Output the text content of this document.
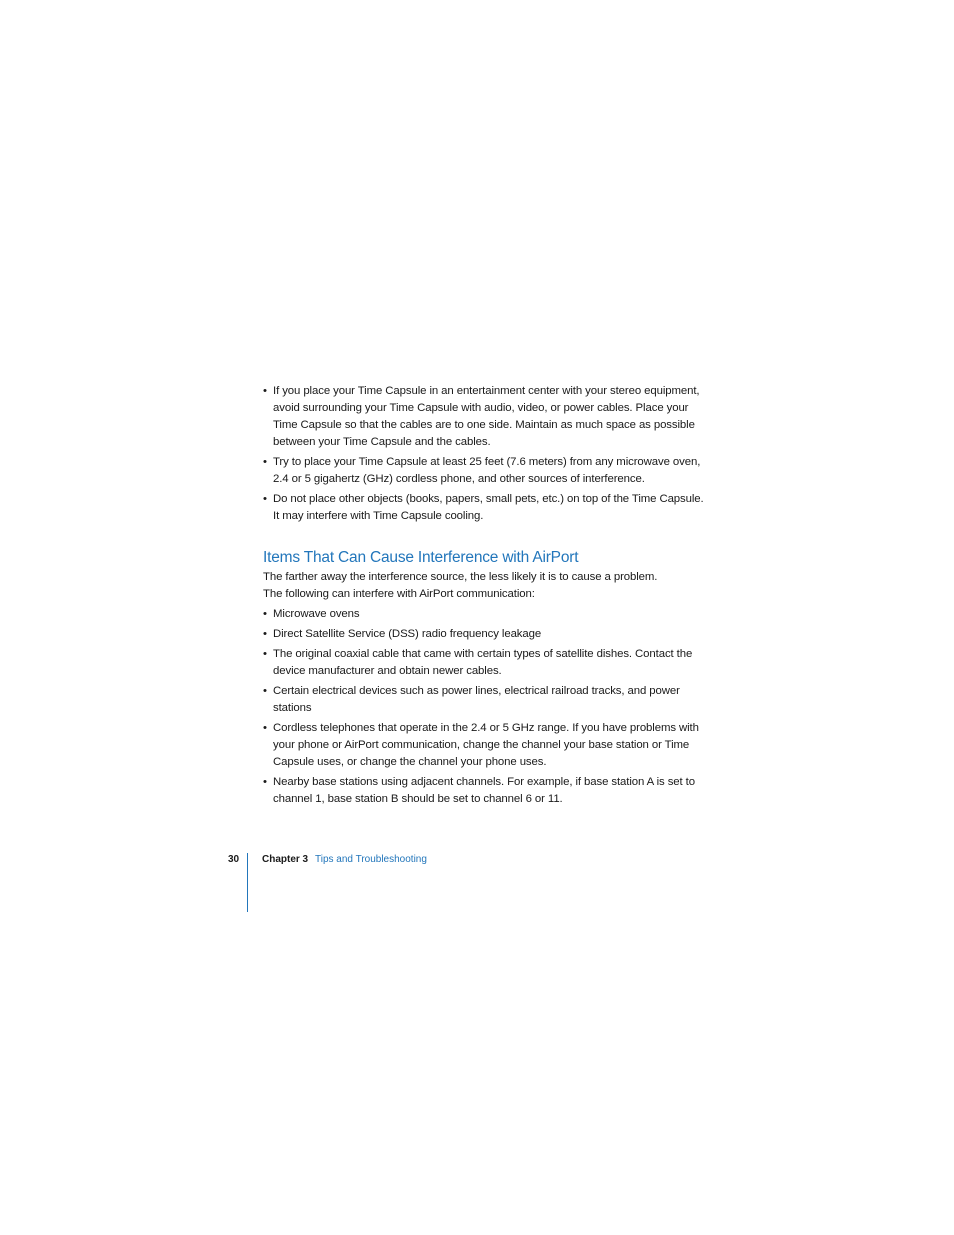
• If you place your Time Capsule in an entertainment center with your stereo equipment, avoid surrounding your Time Capsule with audio, video, or power cables. Place your Time Capsule so that the cables are to one side. Maintain as much space as possible between your Time Capsule and the cables.
• Try to place your Time Capsule at least 25 feet (7.6 meters) from any microwave oven, 2.4 or 5 gigahertz (GHz) cordless phone, and other sources of interference.
• Do not place other objects (books, papers, small pets, etc.) on top of the Time Capsule. It may interfere with Time Capsule cooling.
Items That Can Cause Interference with AirPort

The farther away the interference source, the less likely it is to cause a problem.

The following can interfere with AirPort communication:

• Microwave ovens
• Direct Satellite Service (DSS) radio frequency leakage
• The original coaxial cable that came with certain types of satellite dishes. Contact the device manufacturer and obtain newer cables.
• Certain electrical devices such as power lines, electrical railroad tracks, and power stations
• Cordless telephones that operate in the 2.4 or 5 GHz range. If you have problems with your phone or AirPort communication, change the channel your base station or Time Capsule uses, or change the channel your phone uses.
• Nearby base stations using adjacent channels. For example, if base station A is set to channel 1, base station B should be set to channel 6 or 11.
30 Chapter 3 Tips and Troubleshooting
